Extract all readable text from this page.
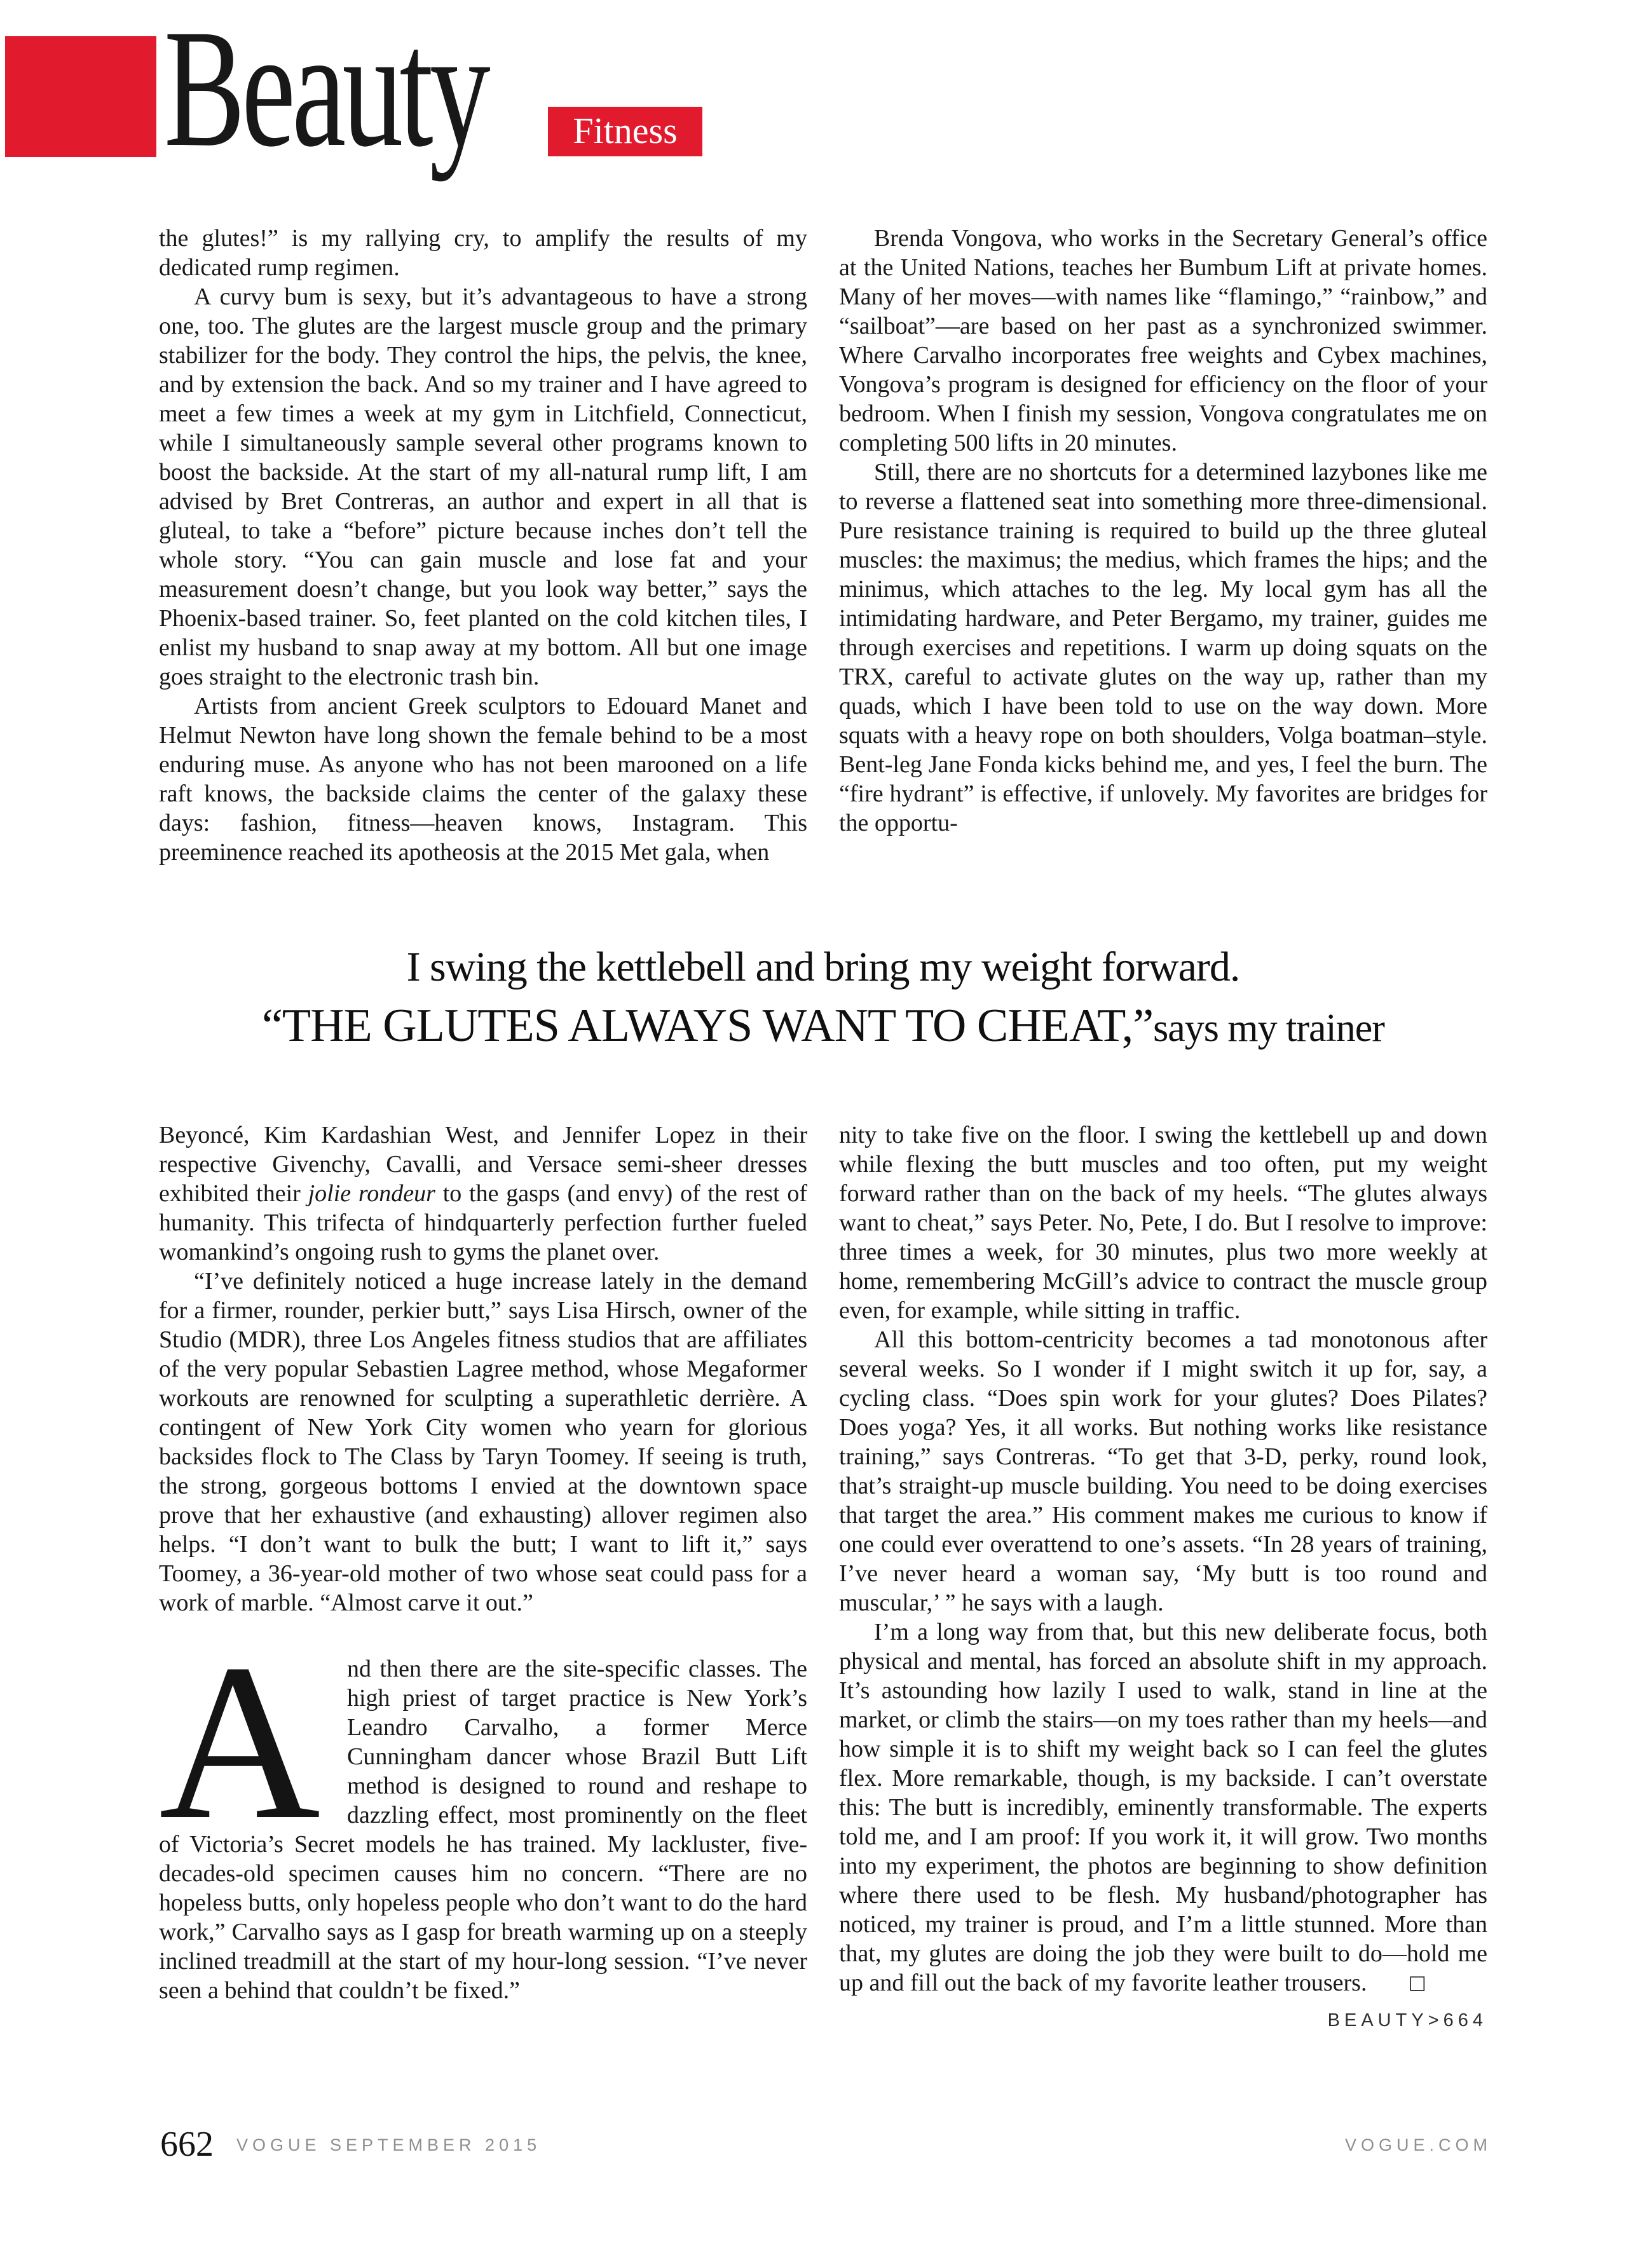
Beauty Fitness

the glutes!” is my rallying cry, to amplify the results of my dedicated rump regimen.

A curvy bum is sexy, but it’s advantageous to have a strong one, too. The glutes are the largest muscle group and the primary stabilizer for the body. They control the hips, the pelvis, the knee, and by extension the back. And so my trainer and I have agreed to meet a few times a week at my gym in Litchfield, Connecticut, while I simultaneously sample several other programs known to boost the backside. At the start of my all-natural rump lift, I am advised by Bret Contreras, an author and expert in all that is gluteal, to take a “before” picture because inches don’t tell the whole story. “You can gain muscle and lose fat and your measurement doesn’t change, but you look way better,” says the Phoenix-based trainer. So, feet planted on the cold kitchen tiles, I enlist my husband to snap away at my bottom. All but one image goes straight to the electronic trash bin.

Artists from ancient Greek sculptors to Edouard Manet and Helmut Newton have long shown the female behind to be a most enduring muse. As anyone who has not been marooned on a life raft knows, the backside claims the center of the galaxy these days: fashion, fitness—heaven knows, Instagram. This preeminence reached its apotheosis at the 2015 Met gala, when

Brenda Vongova, who works in the Secretary General’s office at the United Nations, teaches her Bumbum Lift at private homes. Many of her moves—with names like “flamingo,” “rainbow,” and “sailboat”—are based on her past as a synchronized swimmer. Where Carvalho incorporates free weights and Cybex machines, Vongova’s program is designed for efficiency on the floor of your bedroom. When I finish my session, Vongova congratulates me on completing 500 lifts in 20 minutes.

Still, there are no shortcuts for a determined lazybones like me to reverse a flattened seat into something more three-dimensional. Pure resistance training is required to build up the three gluteal muscles: the maximus; the medius, which frames the hips; and the minimus, which attaches to the leg. My local gym has all the intimidating hardware, and Peter Bergamo, my trainer, guides me through exercises and repetitions. I warm up doing squats on the TRX, careful to activate glutes on the way up, rather than my quads, which I have been told to use on the way down. More squats with a heavy rope on both shoulders, Volga boatman–style. Bent-leg Jane Fonda kicks behind me, and yes, I feel the burn. The “fire hydrant” is effective, if unlovely. My favorites are bridges for the opportu-

I swing the kettlebell and bring my weight forward.
“THE GLUTES ALWAYS WANT TO CHEAT,”says my trainer

Beyoncé, Kim Kardashian West, and Jennifer Lopez in their respective Givenchy, Cavalli, and Versace semi-sheer dresses exhibited their jolie rondeur to the gasps (and envy) of the rest of humanity. This trifecta of hindquarterly perfection further fueled womankind’s ongoing rush to gyms the planet over.

“I’ve definitely noticed a huge increase lately in the demand for a firmer, rounder, perkier butt,” says Lisa Hirsch, owner of the Studio (MDR), three Los Angeles fitness studios that are affiliates of the very popular Sebastien Lagree method, whose Megaformer workouts are renowned for sculpting a superathletic derrière. A contingent of New York City women who yearn for glorious backsides flock to The Class by Taryn Toomey. If seeing is truth, the strong, gorgeous bottoms I envied at the downtown space prove that her exhaustive (and exhausting) allover regimen also helps. “I don’t want to bulk the butt; I want to lift it,” says Toomey, a 36-year-old mother of two whose seat could pass for a work of marble. “Almost carve it out.”

A	nd then there are the site-specific classes. The high priest of target practice is New York’s Leandro Carvalho, a former Merce Cunningham dancer whose Brazil Butt Lift method is designed to round and reshape to dazzling effect, most prominently on the fleet of Victoria’s Secret models he has trained. My lackluster, five-decades-old specimen causes him no concern. “There are no hopeless butts, only hopeless people who don’t want to do the hard work,” Carvalho says as I gasp for breath warming up on a steeply inclined treadmill at the start of my hour-long session. “I’ve never seen a behind that couldn’t be fixed.”

nity to take five on the floor. I swing the kettlebell up and down while flexing the butt muscles and too often, put my weight forward rather than on the back of my heels. “The glutes always want to cheat,” says Peter. No, Pete, I do. But I resolve to improve: three times a week, for 30 minutes, plus two more weekly at home, remembering McGill’s advice to contract the muscle group even, for example, while sitting in traffic.

All this bottom-centricity becomes a tad monotonous after several weeks. So I wonder if I might switch it up for, say, a cycling class. “Does spin work for your glutes? Does Pilates? Does yoga? Yes, it all works. But nothing works like resistance training,” says Contreras. “To get that 3-D, perky, round look, that’s straight-up muscle building. You need to be doing exercises that target the area.” His comment makes me curious to know if one could ever overattend to one’s assets. “In 28 years of training, I’ve never heard a woman say, ‘My butt is too round and muscular,’ ” he says with a laugh.

I’m a long way from that, but this new deliberate focus, both physical and mental, has forced an absolute shift in my approach. It’s astounding how lazily I used to walk, stand in line at the market, or climb the stairs—on my toes rather than my heels—and how simple it is to shift my weight back so I can feel the glutes flex. More remarkable, though, is my backside. I can’t overstate this: The butt is incredibly, eminently transformable. The experts told me, and I am proof: If you work it, it will grow. Two months into my experiment, the photos are beginning to show definition where there used to be flesh. My husband/photographer has noticed, my trainer is proud, and I’m a little stunned. More than that, my glutes are doing the job they were built to do—hold me up and fill out the back of my favorite leather trousers. □
BEAUTY>664

662 VOGUE SEPTEMBER 2015	VOGUE.COM
